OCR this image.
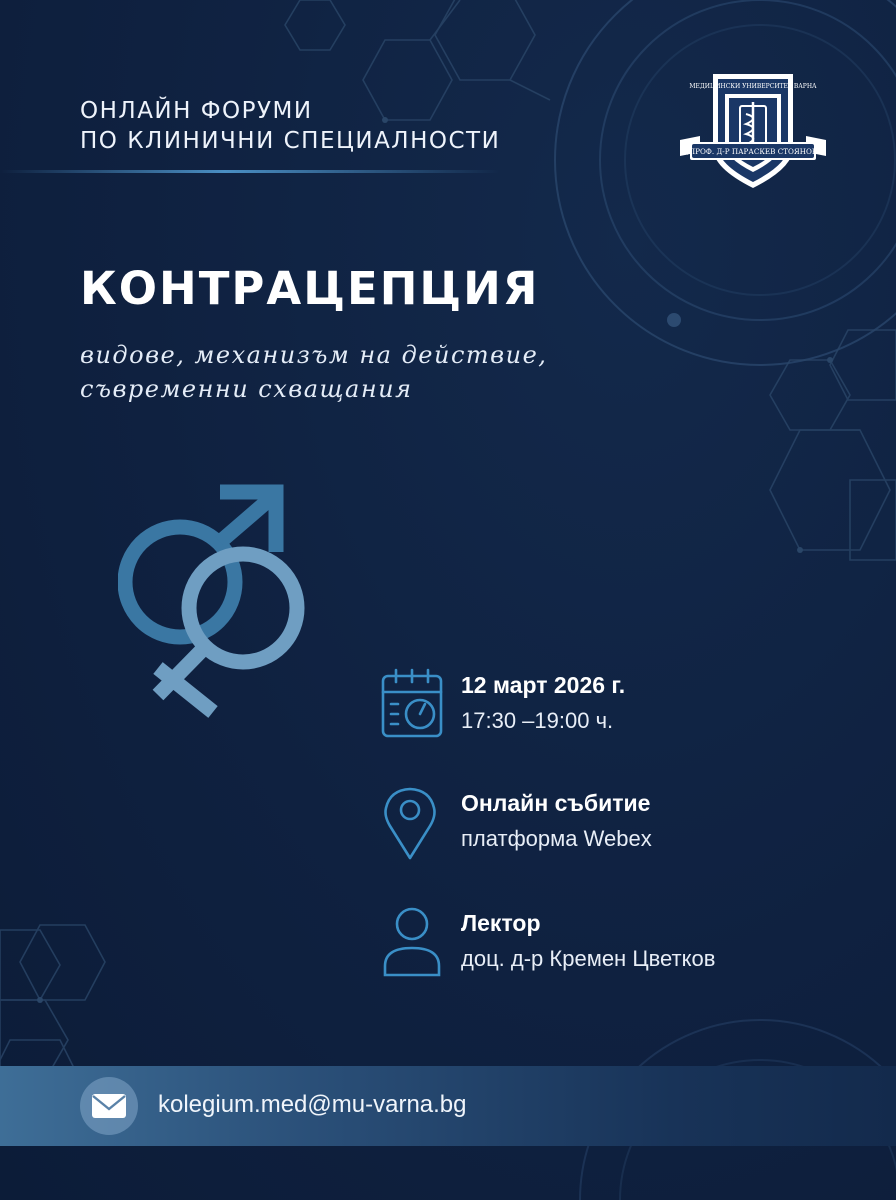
ОНЛАЙН ФОРУМИ
ПО КЛИНИЧНИ СПЕЦИАЛНОСТИ
МЕДИЦИНСКИ УНИВЕРСИТЕТ ВАРНА
„ПРОФ. Д-Р ПАРАСКЕВ СТОЯНОВ“
КОНТРАЦЕПЦИЯ

видове, механизъм на действие,
съвременни схващания

12 март 2026 г.
17:30 –19:00 ч.
Онлайн събитие
платформа Webex
Лектор
доц. д-р Кремен Цветков
kolegium.med@mu-varna.bg
